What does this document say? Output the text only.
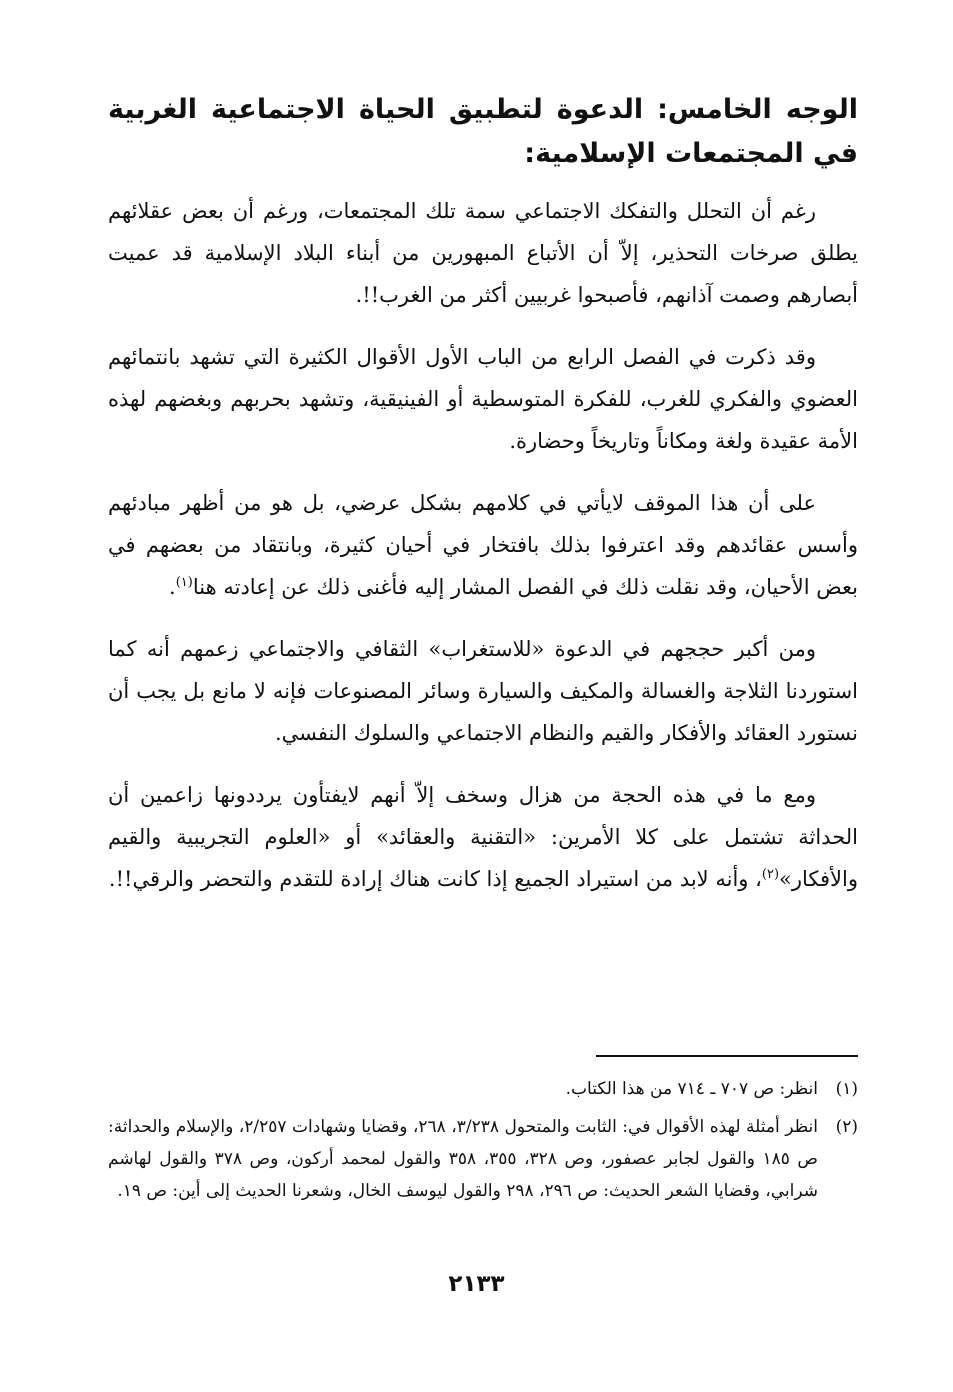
الوجه الخامس: الدعوة لتطبيق الحياة الاجتماعية الغربية في المجتمعات الإسلامية:

رغم أن التحلل والتفكك الاجتماعي سمة تلك المجتمعات، ورغم أن بعض عقلائهم يطلق صرخات التحذير، إلاّ أن الأتباع المبهورين من أبناء البلاد الإسلامية قد عميت أبصارهم وصمت آذانهم، فأصبحوا غربيين أكثر من الغرب!!.

وقد ذكرت في الفصل الرابع من الباب الأول الأقوال الكثيرة التي تشهد بانتمائهم العضوي والفكري للغرب، للفكرة المتوسطية أو الفينيقية، وتشهد بحربهم وبغضهم لهذه الأمة عقيدة ولغة ومكاناً وتاريخاً وحضارة.

على أن هذا الموقف لايأتي في كلامهم بشكل عرضي، بل هو من أظهر مبادئهم وأسس عقائدهم وقد اعترفوا بذلك بافتخار في أحيان كثيرة، وبانتقاد من بعضهم في بعض الأحيان، وقد نقلت ذلك في الفصل المشار إليه فأغنى ذلك عن إعادته هنا$^{(١)}$.

ومن أكبر حججهم في الدعوة «للاستغراب» الثقافي والاجتماعي زعمهم أنه كما استوردنا الثلاجة والغسالة والمكيف والسيارة وسائر المصنوعات فإنه لا مانع بل يجب أن نستورد العقائد والأفكار والقيم والنظام الاجتماعي والسلوك النفسي.

ومع ما في هذه الحجة من هزال وسخف إلاّ أنهم لايفتأون يرددونها زاعمين أن الحداثة تشتمل على كلا الأمرين: «التقنية والعقائد» أو «العلوم التجريبية والقيم والأفكار»$^{(٢)}$، وأنه لابد من استيراد الجميع إذا كانت هناك إرادة للتقدم والتحضر والرقي!!.

(١)
انظر: ص ٧٠٧ ـ ٧١٤ من هذا الكتاب.
(٢)
انظر أمثلة لهذه الأقوال في: الثابت والمتحول ٣/٢٣٨، ٢٦٨، وقضايا وشهادات ٢/٢٥٧، والإسلام والحداثة: ص ١٨٥ والقول لجابر عصفور، وص ٣٢٨، ٣٥٥، ٣٥٨ والقول لمحمد أركون، وص ٣٧٨ والقول لهاشم شرابي، وقضايا الشعر الحديث: ص ٢٩٦، ٢٩٨ والقول ليوسف الخال، وشعرنا الحديث إلى أين: ص ١٩.
٢١٣٣
